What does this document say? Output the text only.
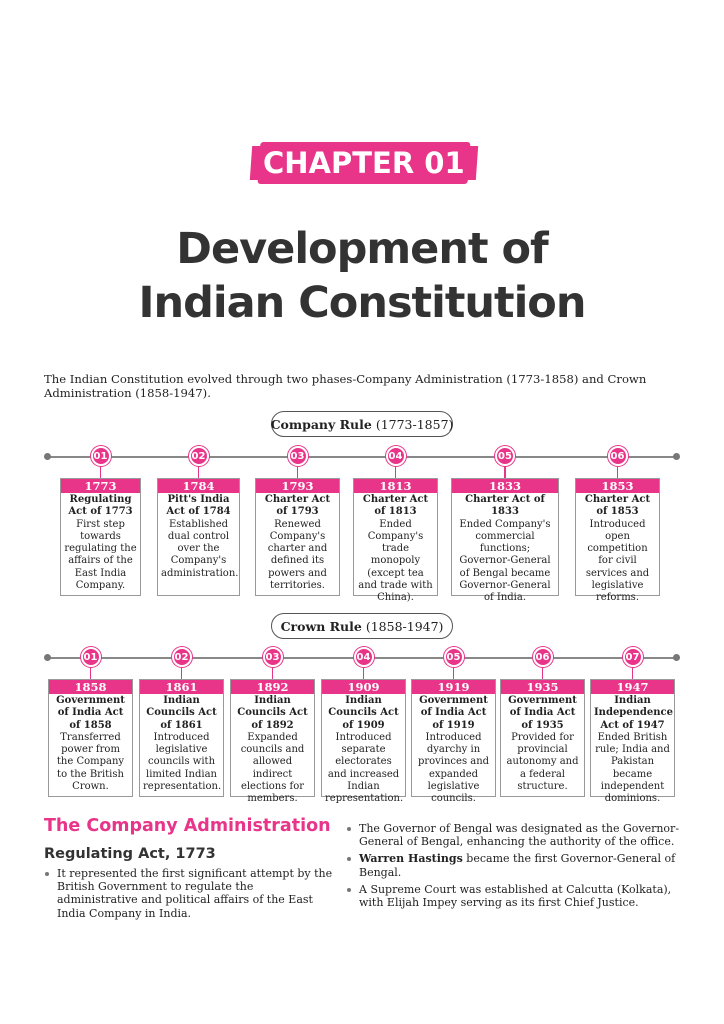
CHAPTER 01
Development of
Indian Constitution

The Indian Constitution evolved through two phases-Company Administration (1773-1858) and Crown Administration (1858-1947).

Company Rule (1773-1857)
01
1773
Regulating Act of 1773
First step towards regulating the affairs of the East India Company.
02
1784
Pitt's India Act of 1784
Established dual control over the Company's administration.
03
1793
Charter Act of 1793
Renewed Company's charter and defined its powers and territories.
04
1813
Charter Act of 1813
Ended Company's trade monopoly (except tea and trade with China).
05
1833
Charter Act of 1833
Ended Company's commercial functions; Governor-General of Bengal became Governor-General of India.
06
1853
Charter Act of 1853
Introduced open competition for civil services and legislative reforms.
Crown Rule (1858-1947)
01
1858
Government of India Act of 1858
Transferred power from the Company to the British Crown.
02
1861
Indian Councils Act of 1861
Introduced legislative councils with limited Indian representation.
03
1892
Indian Councils Act of 1892
Expanded councils and allowed indirect elections for members.
04
1909
Indian Councils Act of 1909
Introduced separate electorates and increased Indian representation.
05
1919
Government of India Act of 1919
Introduced dyarchy in provinces and expanded legislative councils.
06
1935
Government of India Act of 1935
Provided for provincial autonomy and a federal structure.
07
1947
Indian Independence Act of 1947
Ended British rule; India and Pakistan became independent dominions.
The Company Administration
Regulating Act, 1773
It represented the first significant attempt by the British Government to regulate the administrative and political affairs of the East India Company in India.
The Governor of Bengal was designated as the Governor-General of Bengal, enhancing the authority of the office.
Warren Hastings became the first Governor-General of Bengal.
A Supreme Court was established at Calcutta (Kolkata), with Elijah Impey serving as its first Chief Justice.
